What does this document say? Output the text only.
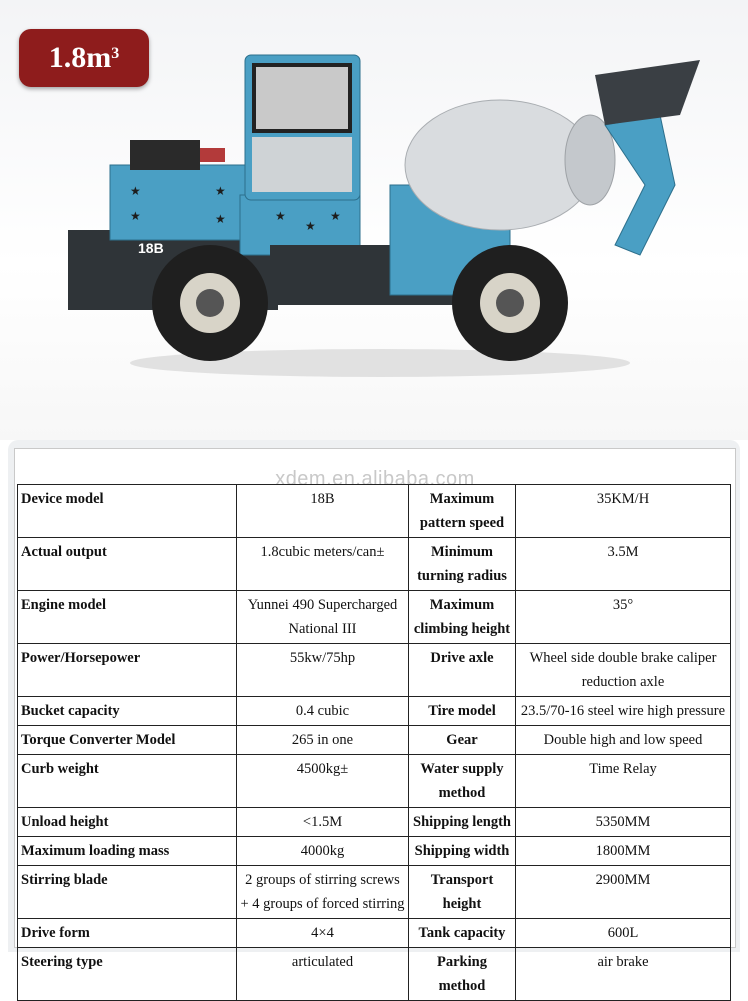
$1.8m^3$
★	★
★	★	★
★
★
18B
xdem.en.alibaba.com
Device model	18B	Maximum pattern speed	35KM/H
Actual output	1.8cubic meters/can±	Minimum turning radius	3.5M
Engine model	Yunnei 490 Supercharged National III	Maximum climbing height	35°
Power/Horsepower	55kw/75hp	Drive axle	Wheel side double brake caliper reduction axle
Bucket capacity	0.4 cubic	Tire model	23.5/70-16 steel wire high pressure
Torque Converter Model	265 in one	Gear	Double high and low speed
Curb weight	4500kg±	Water supply method	Time Relay
Unload height	<1.5M	Shipping length	5350MM
Maximum loading mass	4000kg	Shipping width	1800MM
Stirring blade	2 groups of stirring screws + 4 groups of forced stirring	Transport height	2900MM
Drive form	4×4	Tank capacity	600L
Steering type	articulated	Parking method	air brake
